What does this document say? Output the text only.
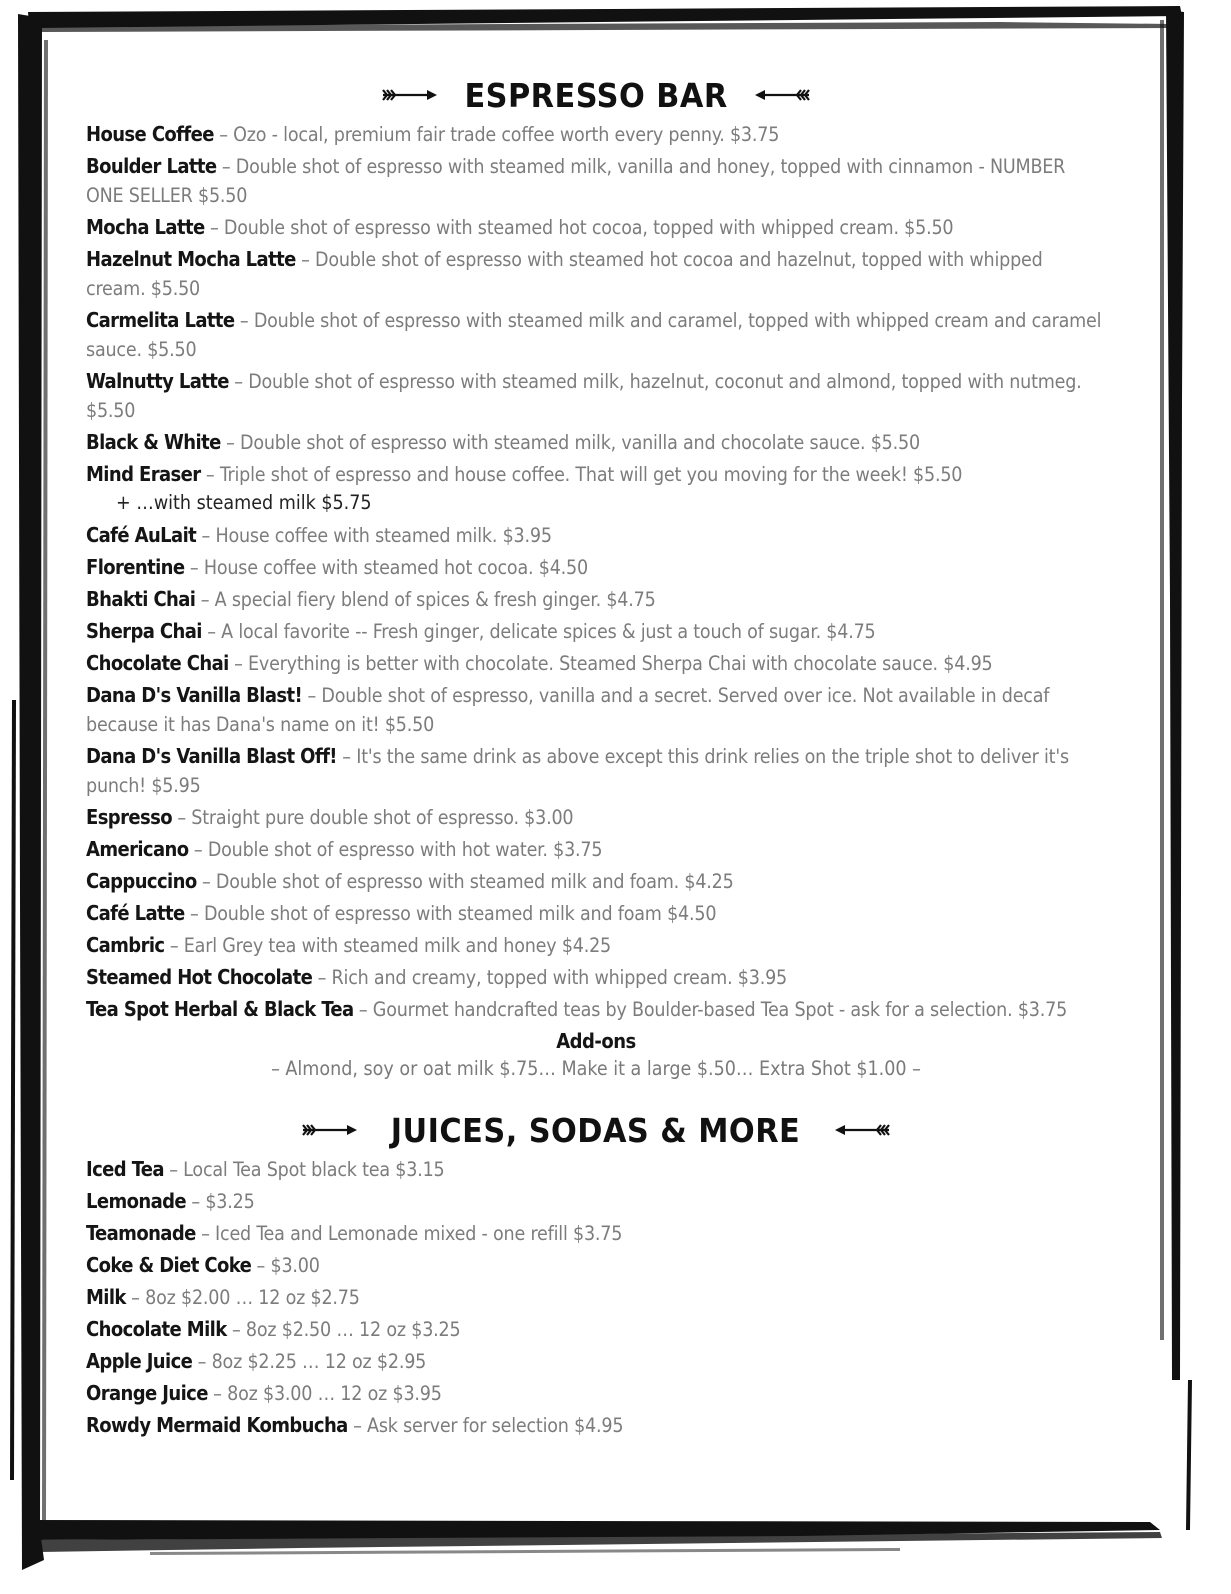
ESPRESSO BAR
House Coffee – Ozo - local, premium fair trade coffee worth every penny. $3.75
Boulder Latte – Double shot of espresso with steamed milk, vanilla and honey, topped with cinnamon - NUMBER ONE SELLER $5.50
Mocha Latte – Double shot of espresso with steamed hot cocoa, topped with whipped cream. $5.50
Hazelnut Mocha Latte – Double shot of espresso with steamed hot cocoa and hazelnut, topped with whipped cream. $5.50
Carmelita Latte – Double shot of espresso with steamed milk and caramel, topped with whipped cream and caramel sauce. $5.50
Walnutty Latte – Double shot of espresso with steamed milk, hazelnut, coconut and almond, topped with nutmeg. $5.50
Black & White – Double shot of espresso with steamed milk, vanilla and chocolate sauce. $5.50
Mind Eraser – Triple shot of espresso and house coffee. That will get you moving for the week! $5.50
+ …with steamed milk $5.75
Café AuLait – House coffee with steamed milk. $3.95
Florentine – House coffee with steamed hot cocoa. $4.50
Bhakti Chai – A special fiery blend of spices & fresh ginger. $4.75
Sherpa Chai – A local favorite -- Fresh ginger, delicate spices & just a touch of sugar. $4.75
Chocolate Chai – Everything is better with chocolate. Steamed Sherpa Chai with chocolate sauce. $4.95
Dana D's Vanilla Blast! – Double shot of espresso, vanilla and a secret. Served over ice. Not available in decaf because it has Dana's name on it! $5.50
Dana D's Vanilla Blast Off! – It's the same drink as above except this drink relies on the triple shot to deliver it's punch! $5.95
Espresso – Straight pure double shot of espresso. $3.00
Americano – Double shot of espresso with hot water. $3.75
Cappuccino – Double shot of espresso with steamed milk and foam. $4.25
Café Latte – Double shot of espresso with steamed milk and foam $4.50
Cambric – Earl Grey tea with steamed milk and honey $4.25
Steamed Hot Chocolate – Rich and creamy, topped with whipped cream. $3.95
Tea Spot Herbal & Black Tea – Gourmet handcrafted teas by Boulder-based Tea Spot - ask for a selection. $3.75
Add-ons
– Almond, soy or oat milk $.75… Make it a large $.50… Extra Shot $1.00 –
JUICES, SODAS & MORE
Iced Tea – Local Tea Spot black tea $3.15
Lemonade – $3.25
Teamonade – Iced Tea and Lemonade mixed - one refill $3.75
Coke & Diet Coke – $3.00
Milk – 8oz $2.00 … 12 oz $2.75
Chocolate Milk – 8oz $2.50 … 12 oz $3.25
Apple Juice – 8oz $2.25 … 12 oz $2.95
Orange Juice – 8oz $3.00 … 12 oz $3.95
Rowdy Mermaid Kombucha – Ask server for selection $4.95
